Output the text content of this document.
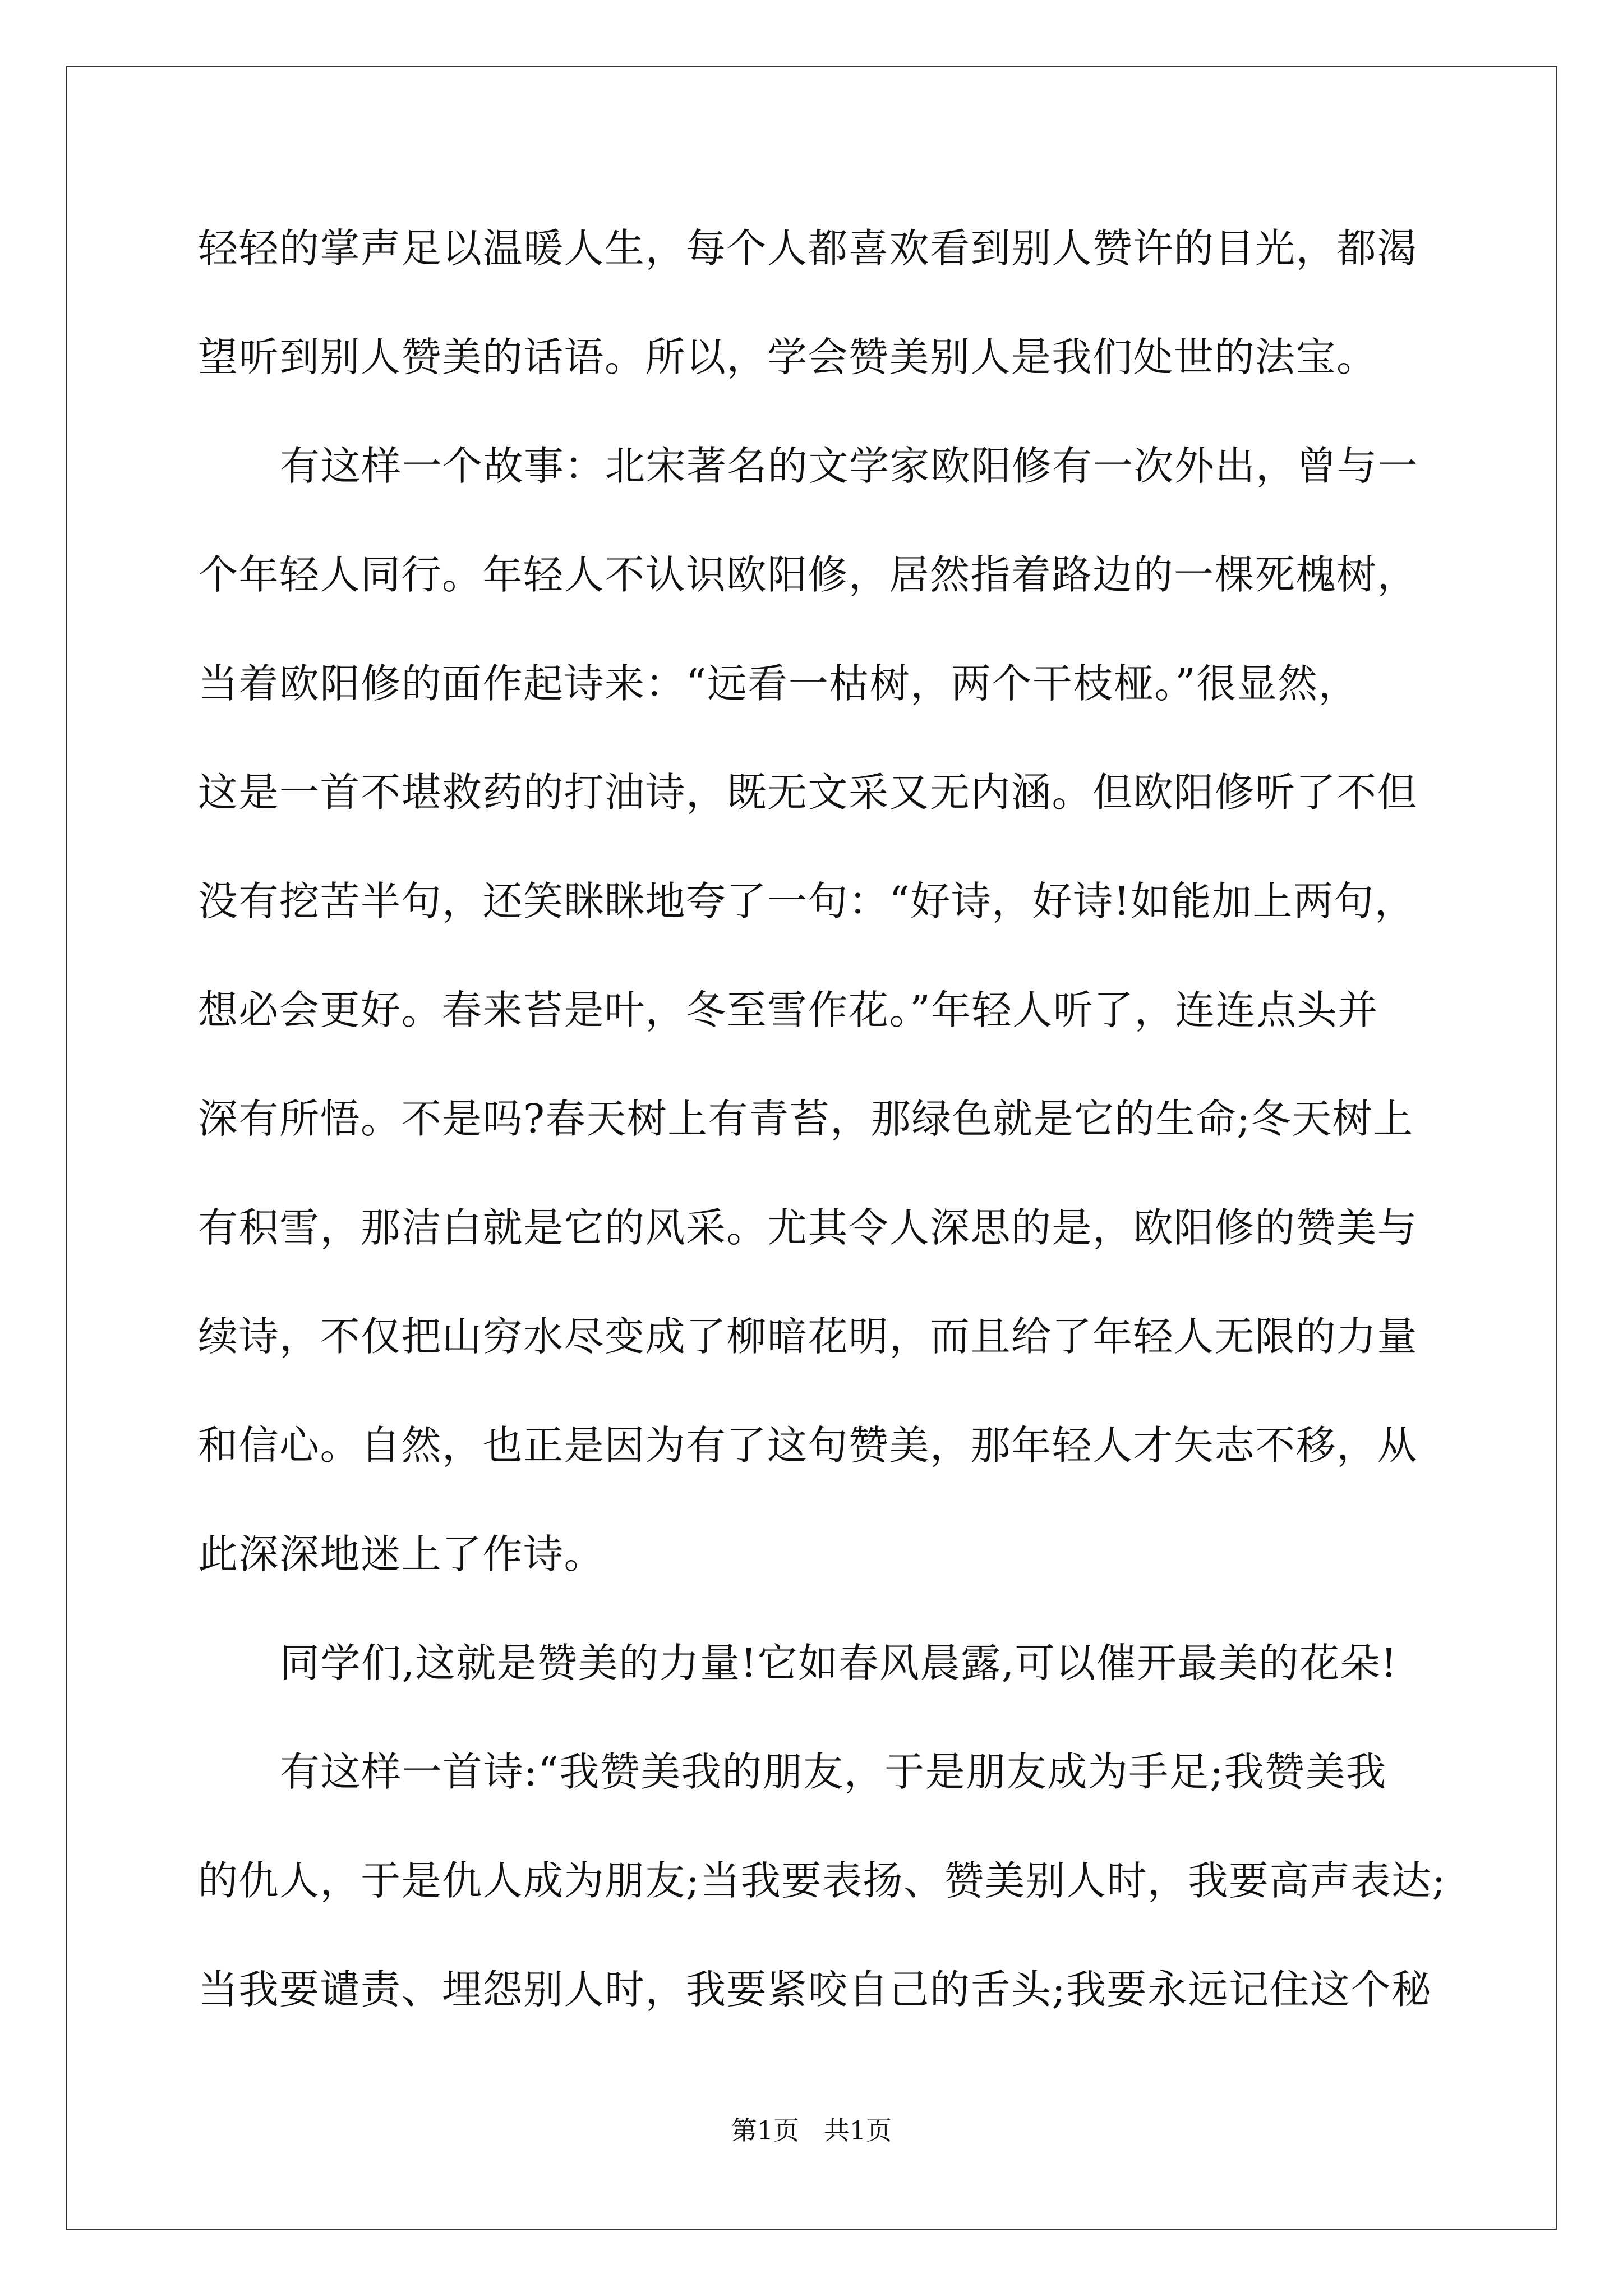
轻轻的掌声足以温暖人生，每个人都喜欢看到别人赞许的目光，都渴
望听到别人赞美的话语。所以，学会赞美别人是我们处世的法宝。
有这样一个故事：北宋著名的文学家欧阳修有一次外出，曾与一
个年轻人同行。年轻人不认识欧阳修，居然指着路边的一棵死槐树，
当着欧阳修的面作起诗来：“远看一枯树，两个干枝桠。”很显然，
这是一首不堪救药的打油诗，既无文采又无内涵。但欧阳修听了不但
没有挖苦半句，还笑眯眯地夸了一句：“好诗，好诗!如能加上两句，
想必会更好。春来苔是叶，冬至雪作花。”年轻人听了，连连点头并
深有所悟。不是吗?春天树上有青苔，那绿色就是它的生命;冬天树上
有积雪，那洁白就是它的风采。尤其令人深思的是，欧阳修的赞美与
续诗，不仅把山穷水尽变成了柳暗花明，而且给了年轻人无限的力量
和信心。自然，也正是因为有了这句赞美，那年轻人才矢志不移，从
此深深地迷上了作诗。
同学们,这就是赞美的力量!它如春风晨露,可以催开最美的花朵!
有这样一首诗:“我赞美我的朋友，于是朋友成为手足;我赞美我
的仇人，于是仇人成为朋友;当我要表扬、赞美别人时，我要高声表达;
当我要谴责、埋怨别人时，我要紧咬自己的舌头;我要永远记住这个秘
第1页   共1页
